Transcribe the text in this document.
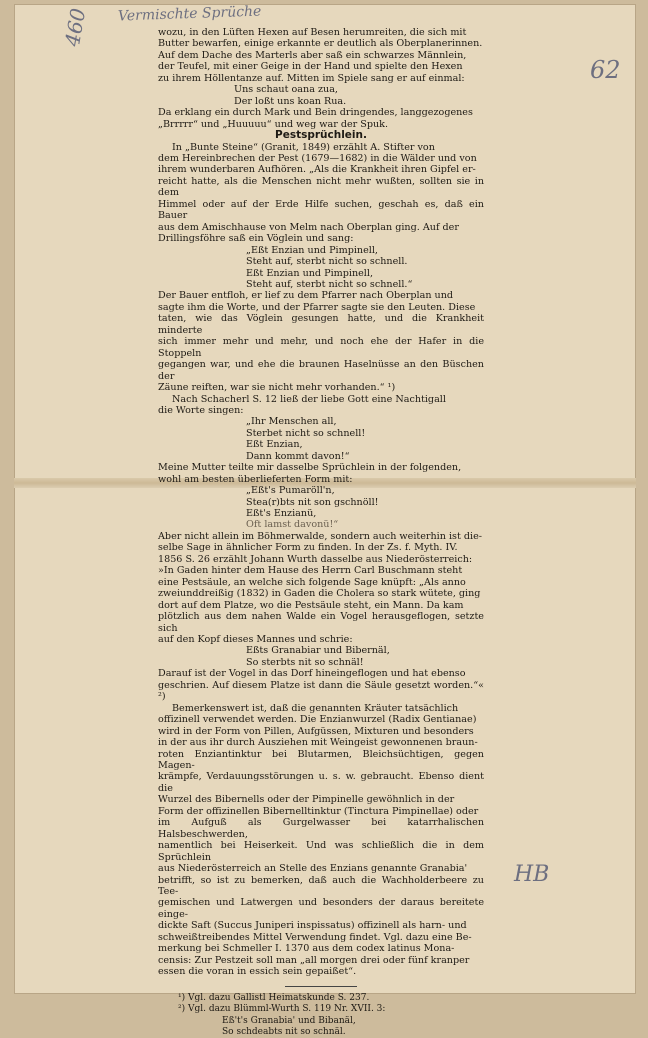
Vermischte Sprüche
460
62
HB

wozu, in den Lüften Hexen auf Besen herumreiten, die sich mit

Butter bewarfen, einige erkannte er deutlich als Oberplanerinnen.

Auf dem Dache des Marterls aber saß ein schwarzes Männlein,

der Teufel, mit einer Geige in der Hand und spielte den Hexen

zu ihrem Höllentanze auf. Mitten im Spiele sang er auf einmal:

Uns schaut oana zua,

Der loßt uns koan Rua.

Da erklang ein durch Mark und Bein dringendes, langgezogenes

„Brrrrr“ und „Huuuuu“ und weg war der Spuk.

Pestsprüchlein.

In „Bunte Steine“ (Granit, 1849) erzählt A. Stifter von

dem Hereinbrechen der Pest (1679—1682) in die Wälder und von

ihrem wunderbaren Aufhören. „Als die Krankheit ihren Gipfel er-

reicht hatte, als die Menschen nicht mehr wußten, sollten sie in dem

Himmel oder auf der Erde Hilfe suchen, geschah es, daß ein Bauer

aus dem Amischhause von Melm nach Oberplan ging. Auf der

Drillingsföhre saß ein Vöglein und sang:

„Eßt Enzian und Pimpinell,

Steht auf, sterbt nicht so schnell.

Eßt Enzian und Pimpinell,

Steht auf, sterbt nicht so schnell.“

Der Bauer entfloh, er lief zu dem Pfarrer nach Oberplan und

sagte ihm die Worte, und der Pfarrer sagte sie den Leuten. Diese

taten, wie das Vöglein gesungen hatte, und die Krankheit minderte

sich immer mehr und mehr, und noch ehe der Hafer in die Stoppeln

gegangen war, und ehe die braunen Haselnüsse an den Büschen der

Zäune reiften, war sie nicht mehr vorhanden.“ ¹)

Nach Schacherl S. 12 ließ der liebe Gott eine Nachtigall

die Worte singen:

„Ihr Menschen all,

Sterbet nicht so schnell!

Eßt Enzian,

Dann kommt davon!“

Meine Mutter teilte mir dasselbe Sprüchlein in der folgenden,

wohl am besten überlieferten Form mit:

„Eßt's Pumaröll'n,

Stea(r)bts nit son gschnöll!

Eßt's Enzianü,

Oft lamst davonü!“

Aber nicht allein im Böhmerwalde, sondern auch weiterhin ist die-

selbe Sage in ähnlicher Form zu finden. In der Zs. f. Myth. IV.

1856 S. 26 erzählt Johann Wurth dasselbe aus Niederösterreich:

»In Gaden hinter dem Hause des Herrn Carl Buschmann steht

eine Pestsäule, an welche sich folgende Sage knüpft: „Als anno

zweiunddreißig (1832) in Gaden die Cholera so stark wütete, ging

dort auf dem Platze, wo die Pestsäule steht, ein Mann. Da kam

plötzlich aus dem nahen Walde ein Vogel herausgeflogen, setzte sich

auf den Kopf dieses Mannes und schrie:

Eßts Granabiar und Bibernäl,

So sterbts nit so schnäl!

Darauf ist der Vogel in das Dorf hineingeflogen und hat ebenso

geschrien. Auf diesem Platze ist dann die Säule gesetzt worden.“« ²)

Bemerkenswert ist, daß die genannten Kräuter tatsächlich

offizinell verwendet werden. Die Enzianwurzel (Radix Gentianae)

wird in der Form von Pillen, Aufgüssen, Mixturen und besonders

in der aus ihr durch Ausziehen mit Weingeist gewonnenen braun-

roten Enziantinktur bei Blutarmen, Bleichsüchtigen, gegen Magen-

krämpfe, Verdauungsstörungen u. s. w. gebraucht. Ebenso dient die

Wurzel des Bibernells oder der Pimpinelle gewöhnlich in der

Form der offizinellen Bibernelltinktur (Tinctura Pimpinellae) oder

im Aufguß als Gurgelwasser bei katarrhalischen Halsbeschwerden,

namentlich bei Heiserkeit. Und was schließlich die in dem Sprüchlein

aus Niederösterreich an Stelle des Enzians genannte Granabia'

betrifft, so ist zu bemerken, daß auch die Wachholderbeere zu Tee-

gemischen und Latwergen und besonders der daraus bereitete einge-

dickte Saft (Succus Juniperi inspissatus) offizinell als harn- und

schweißtreibendes Mittel Verwendung findet. Vgl. dazu eine Be-

merkung bei Schmeller I. 1370 aus dem codex latinus Mona-

censis: Zur Pestzeit soll man „all morgen drei oder fünf kranper

essen die voran in essich sein gepaißet“.

¹) Vgl. dazu Gallistl Heimatskunde S. 237.

²) Vgl. dazu Blümml-Wurth S. 119 Nr. XVII. 3:

Eß't's Granabia' und Bibanäl,

So schdeabts nit so schnäl.
